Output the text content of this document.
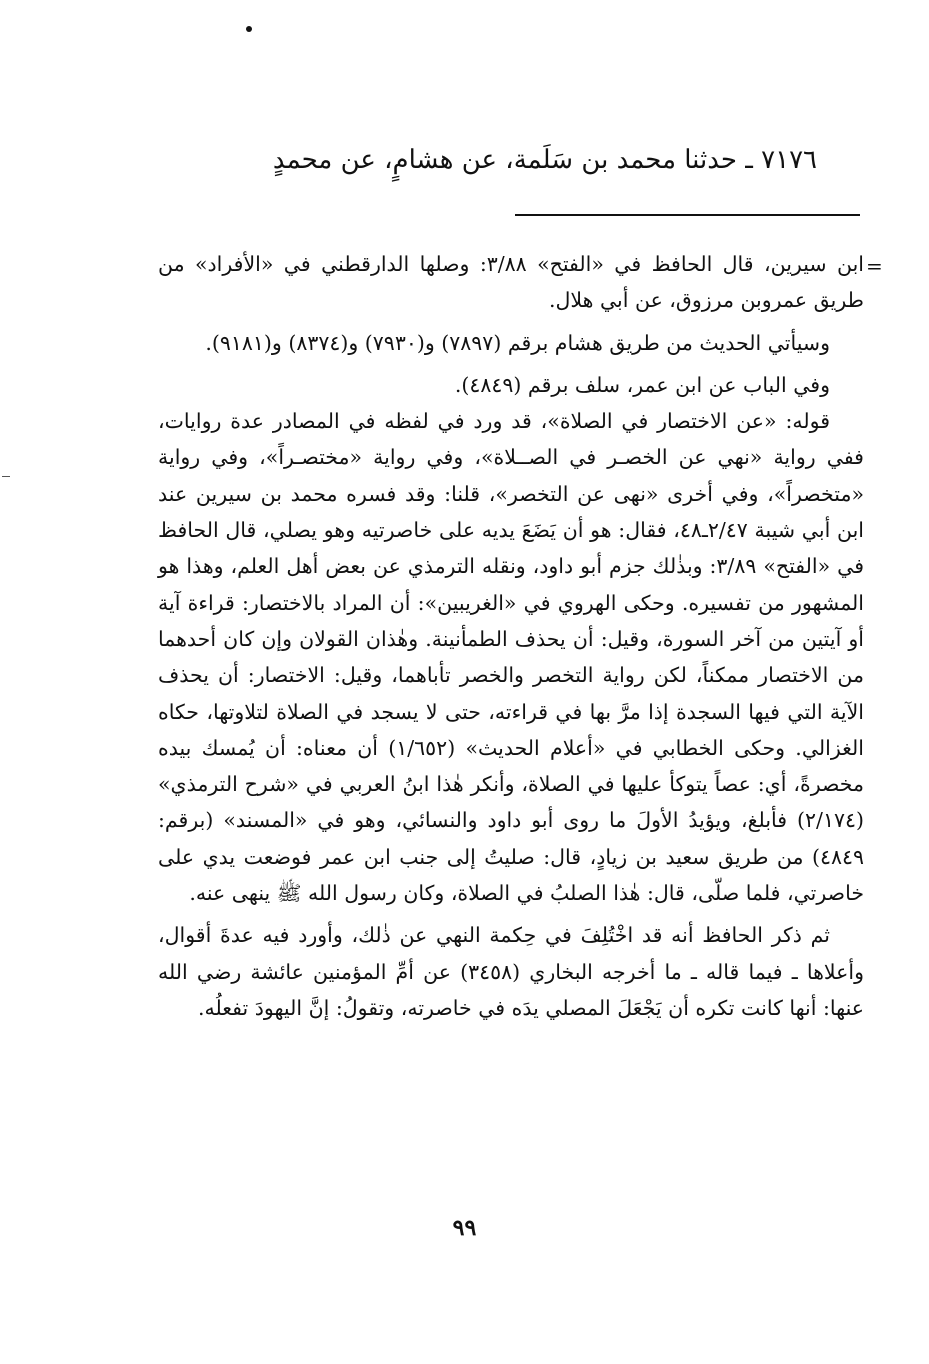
٧١٧٦ ـ حدثنا محمد بن سَلَمة، عن هشامٍ، عن محمدٍ
=

ابن سيرين، قال الحافظ في «الفتح» ٣/٨٨: وصلها الدارقطني في «الأفراد» من طريق عمروبن مرزوق، عن أبي هلال.

وسيأتي الحديث من طريق هشام برقم (٧٨٩٧) و(٧٩٣٠) و(٨٣٧٤) و(٩١٨١).

وفي الباب عن ابن عمر، سلف برقم (٤٨٤٩).

قوله: «عن الاختصار في الصلاة»، قد ورد في لفظه في المصادر عدة روايات، ففي رواية «نهي عن الخصـر في الصــلاة»، وفي رواية «مختصـراً»، وفي رواية «متخصراً»، وفي أخرى «نهى عن التخصر»، قلنا: وقد فسره محمد بن سيرين عند ابن أبي شيبة ٢/٤٧ـ٤٨، فقال: هو أن يَضَعَ يديه على خاصرتيه وهو يصلي، قال الحافظ في «الفتح» ٣/٨٩: وبذٰلك جزم أبو داود، ونقله الترمذي عن بعض أهل العلم، وهذا هو المشهور من تفسيره. وحكى الهروي في «الغريبين»: أن المراد بالاختصار: قراءة آية أو آيتين من آخر السورة، وقيل: أن يحذف الطمأنينة. وهٰذان القولان وإن كان أحدهما من الاختصار ممكناً، لكن رواية التخصر والخصر تأباهما، وقيل: الاختصار: أن يحذف الآية التي فيها السجدة إذا مرَّ بها في قراءته، حتى لا يسجد في الصلاة لتلاوتها، حكاه الغزالي. وحكى الخطابي في «أعلام الحديث» (١/٦٥٢) أن معناه: أن يُمسك بيده مخصرةً، أي: عصاً يتوكأ عليها في الصلاة، وأنكر هٰذا ابنُ العربي في «شرح الترمذي» (٢/١٧٤) فأبلغ، ويؤيدُ الأولَ ما روى أبو داود والنسائي، وهو في «المسند» (برقم: ٤٨٤٩) من طريق سعيد بن زيادٍ، قال: صليتُ إلى جنب ابن عمر فوضعت يدي على خاصرتي، فلما صلّى، قال: هٰذا الصلبُ في الصلاة، وكان رسول الله ﷺ ينهى عنه.

ثم ذكر الحافظ أنه قد اخْتُلِفَ في حِكمة النهي عن ذٰلك، وأورد فيه عدةَ أقوال، وأعلاها ـ فيما قاله ـ ما أخرجه البخاري (٣٤٥٨) عن أمِّ المؤمنين عائشة رضي الله عنها: أنها كانت تكره أن يَجْعَلَ المصلي يدَه في خاصرته، وتقولُ: إنَّ اليهودَ تفعلُه.

٩٩
